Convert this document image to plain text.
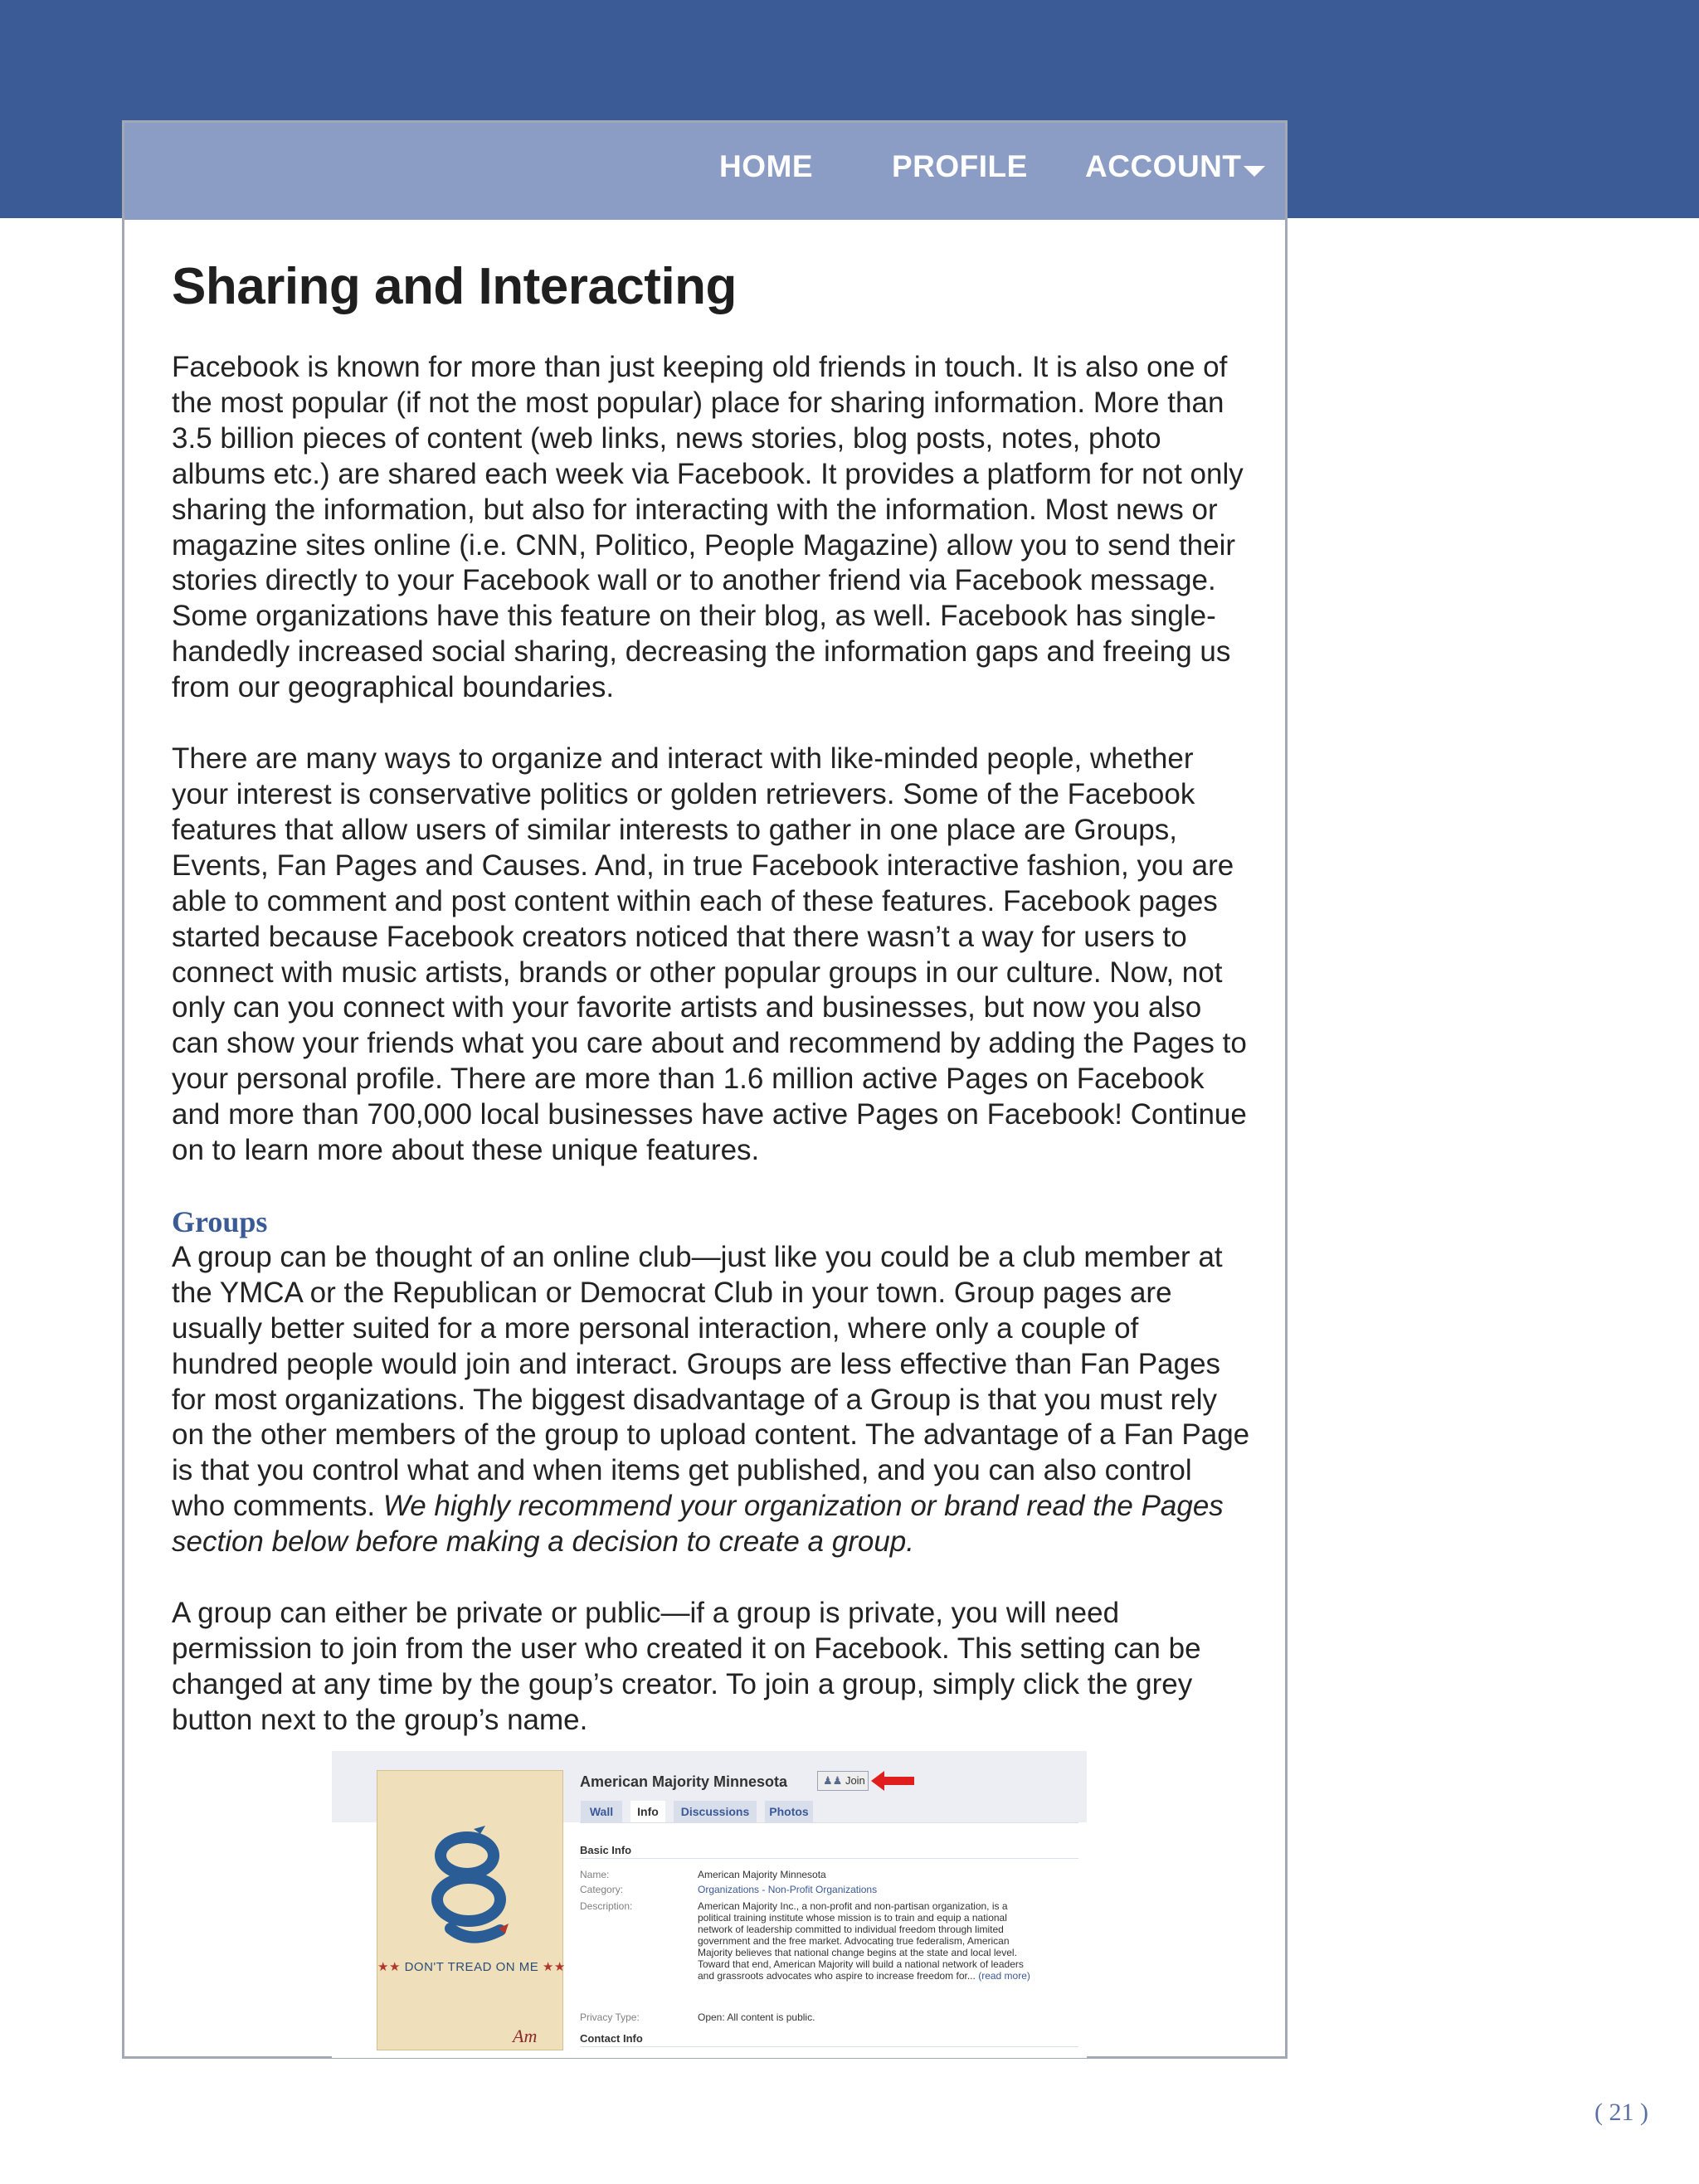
HOME	PROFILE ACCOUNT
Sharing and Interacting

Facebook is known for more than just keeping old friends in touch. It is also one of the most popular (if not the most popular) place for sharing information. More than 3.5 billion pieces of content (web links, news stories, blog posts, notes, photo albums etc.) are shared each week via Facebook. It provides a platform for not only sharing the information, but also for interacting with the information. Most news or magazine sites online (i.e. CNN, Politico, People Magazine) allow you to send their stories directly to your Facebook wall or to another friend via Facebook message. Some organizations have this feature on their blog, as well. Facebook has single-handedly increased social sharing, decreasing the information gaps and freeing us from our geographical boundaries.

There are many ways to organize and interact with like-minded people, whether your interest is conservative politics or golden retrievers. Some of the Facebook features that allow users of similar interests to gather in one place are Groups, Events, Fan Pages and Causes. And, in true Facebook interactive fashion, you are able to comment and post content within each of these features. Facebook pages started because Facebook creators noticed that there wasn’t a way for users to connect with music artists, brands or other popular groups in our culture. Now, not only can you connect with your favorite artists and businesses, but now you also can show your friends what you care about and recommend by adding the Pages to your personal profile. There are more than 1.6 million active Pages on Facebook and more than 700,000 local businesses have active Pages on Facebook! Continue on to learn more about these unique features.

Groups

A group can be thought of an online club—just like you could be a club member at the YMCA or the Republican or Democrat Club in your town. Group pages are usually better suited for a more personal interaction, where only a couple of hundred people would join and interact. Groups are less effective than Fan Pages for most organizations. The biggest disadvantage of a Group is that you must rely on the other members of the group to upload content. The advantage of a Fan Page is that you control what and when items get published, and you can also control who comments. We highly recommend your organization or brand read the Pages section below before making a decision to create a group.

A group can either be private or public—if a group is private, you will need permission to join from the user who created it on Facebook. This setting can be changed at any time by the goup’s creator. To join a group, simply click the grey button next to the group’s name.

★★ DON'T TREAD ON ME ★★
Am
American Majority Minnesota	♟♟ Join
Wall	Info	Discussions	Photos
Basic Info
Name:	American Majority Minnesota
Category:	Organizations - Non-Profit Organizations
Description:	American Majority Inc., a non-profit and non-partisan organization, is a political training institute whose mission is to train and equip a national network of leadership committed to individual freedom through limited government and the free market. Advocating true federalism, American Majority believes that national change begins at the state and local level. Toward that end, American Majority will build a national network of leaders and grassroots advocates who aspire to increase freedom for... (read more)
Privacy Type:	Open: All content is public.
Contact Info
( 21 )
